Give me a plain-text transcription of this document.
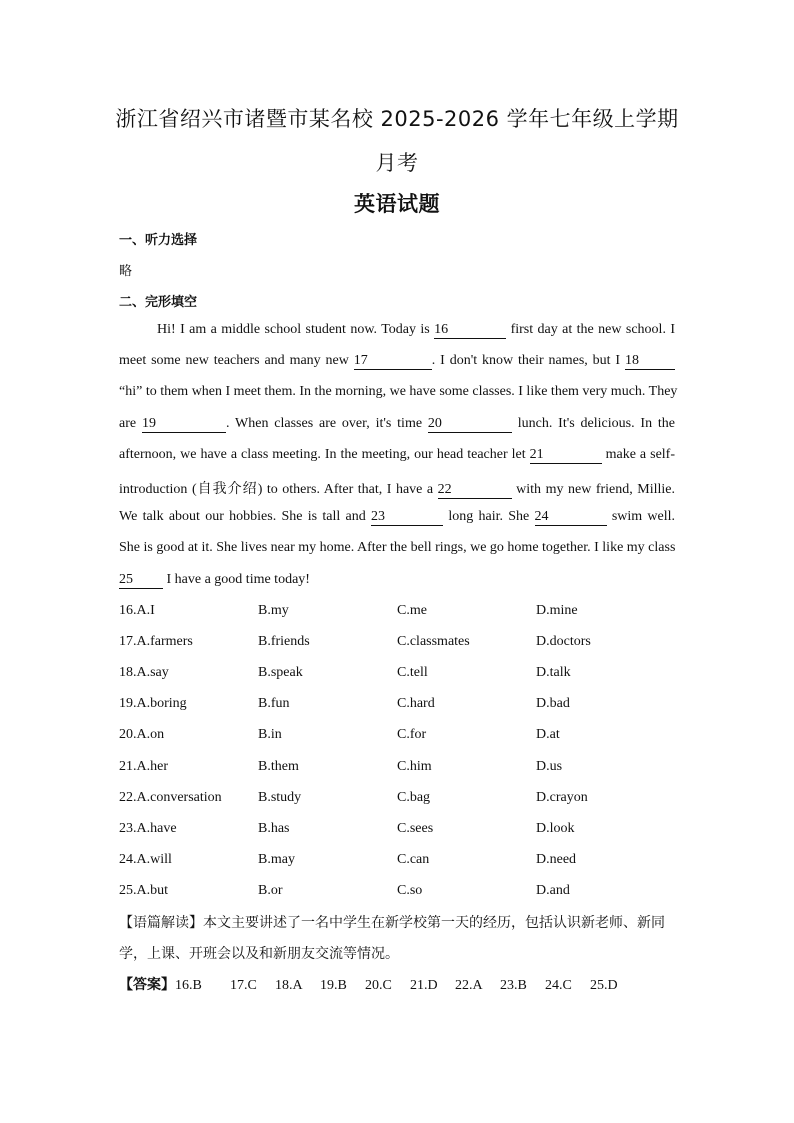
浙江省绍兴市诸暨市某名校 2025-2026 学年七年级上学期
月考
英语试题
一、听力选择
略
二、完形填空
Hi! I am a middle school student now. Today is 16	first day at the new school. I
meet some new teachers and many new 17	. I don't know their names, but I 18
“hi” to them when I meet them. In the morning, we have some classes. I like them very much. They
are 19	. When classes are over, it's time 20	lunch. It's delicious. In the
afternoon, we have a class meeting. In the meeting, our head teacher let 21	make a self-
introduction (自我介绍) to others. After that, I have a 22	with my new friend, Millie.
We talk about our hobbies. She is tall and 23	long hair. She 24	swim well.
She is good at it. She lives near my home. After the bell rings, we go home together. I like my class
25 I have a good time today!
16.A.I	B.my	C.me	D.mine
17.A.farmers	B.friends	C.classmates	D.doctors
18.A.say	B.speak	C.tell	D.talk
19.A.boring	B.fun	C.hard	D.bad
20.A.on	B.in	C.for	D.at
21.A.her	B.them	C.him	D.us
22.A.conversation	B.study	C.bag	D.crayon
23.A.have	B.has	C.sees	D.look
24.A.will	B.may	C.can	D.need
25.A.but	B.or	C.so	D.and
【语篇解读】本文主要讲述了一名中学生在新学校第一天的经历，包括认识新老师、新同学，上课、开班会以及和新朋友交流等情况。
【答案】16.B 17.C 18.A 19.B 20.C 21.D 22.A 23.B 24.C 25.D
